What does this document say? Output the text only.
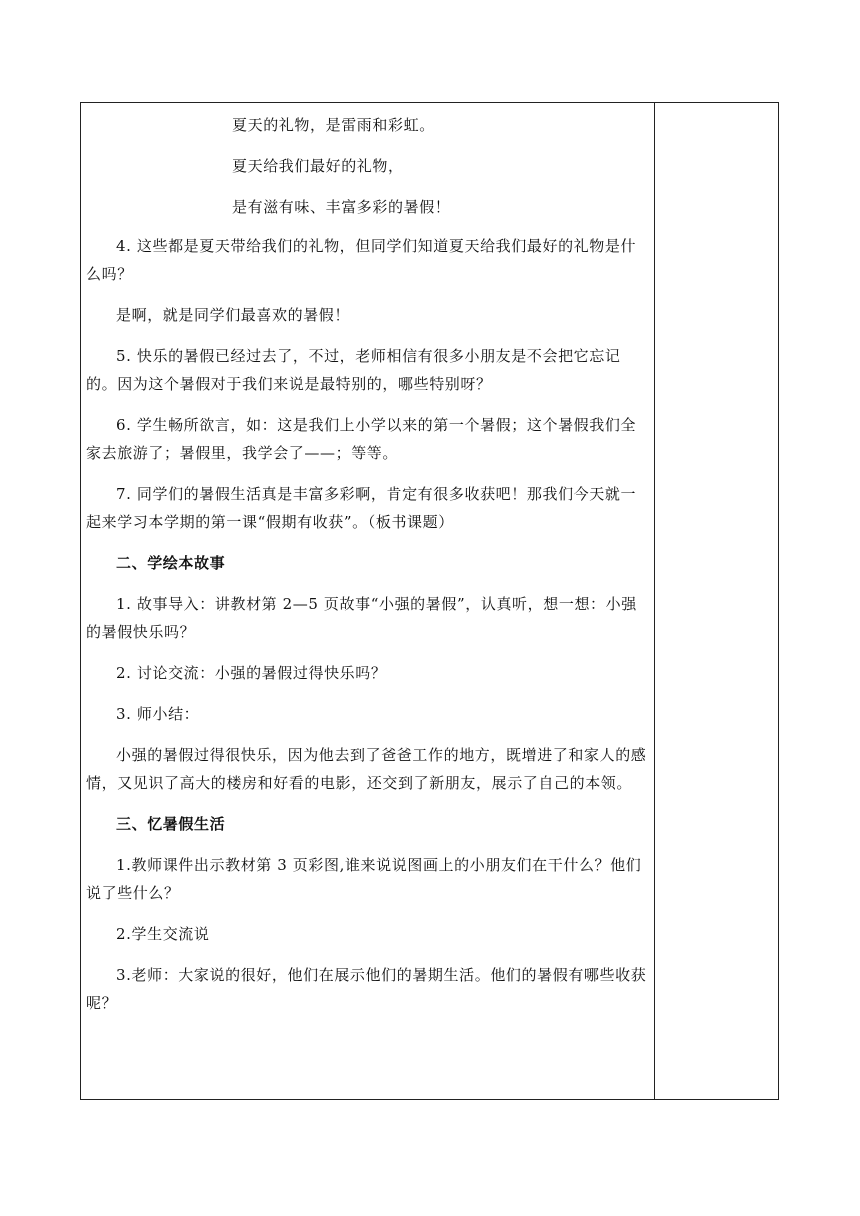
夏天的礼物，是雷雨和彩虹。

夏天给我们最好的礼物，

是有滋有味、丰富多彩的暑假！

4. 这些都是夏天带给我们的礼物，但同学们知道夏天给我们最好的礼物是什么吗？

是啊，就是同学们最喜欢的暑假！

5. 快乐的暑假已经过去了，不过，老师相信有很多小朋友是不会把它忘记的。因为这个暑假对于我们来说是最特别的，哪些特别呀？

6. 学生畅所欲言，如：这是我们上小学以来的第一个暑假；这个暑假我们全家去旅游了；暑假里，我学会了——；等等。

7. 同学们的暑假生活真是丰富多彩啊，肯定有很多收获吧！那我们今天就一起来学习本学期的第一课“假期有收获”。（板书课题）

二、学绘本故事

1. 故事导入：讲教材第 2—5 页故事“小强的暑假”，认真听，想一想：小强的暑假快乐吗？

2. 讨论交流：小强的暑假过得快乐吗？

3. 师小结：

小强的暑假过得很快乐，因为他去到了爸爸工作的地方，既增进了和家人的感情，又见识了高大的楼房和好看的电影，还交到了新朋友，展示了自己的本领。

三、忆暑假生活

1.教师课件出示教材第 3 页彩图,谁来说说图画上的小朋友们在干什么？他们说了些什么？

2.学生交流说

3.老师：大家说的很好，他们在展示他们的暑期生活。他们的暑假有哪些收获呢？
